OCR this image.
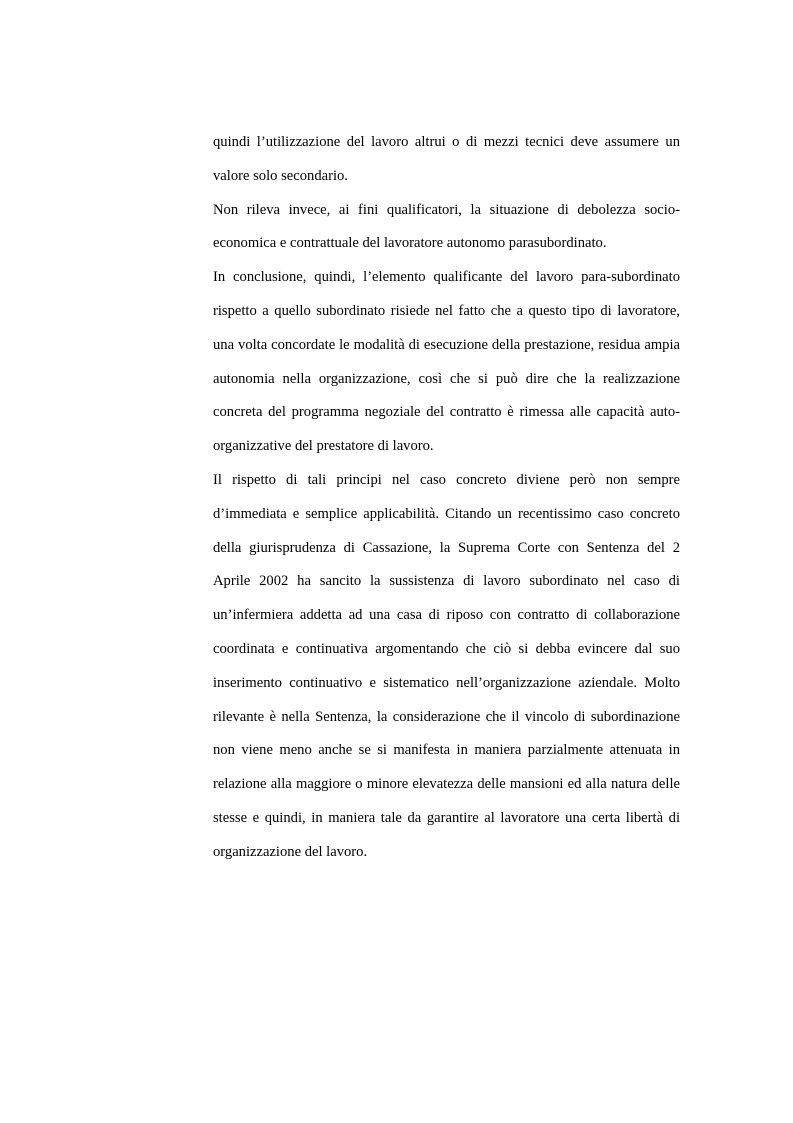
quindi l’utilizzazione del lavoro altrui o di mezzi tecnici deve assumere un
valore solo secondario.
Non rileva invece, ai fini qualificatori, la situazione di debolezza socio-
economica e contrattuale del lavoratore autonomo parasubordinato.
In conclusione, quindi, l’elemento qualificante del lavoro para-subordinato
rispetto a quello subordinato risiede nel fatto che a questo tipo di lavoratore,
una volta concordate le modalità di esecuzione della prestazione, residua ampia
autonomia nella organizzazione, così che si può dire che la realizzazione
concreta del programma negoziale del contratto è rimessa alle capacità auto-
organizzative del prestatore di lavoro.
Il rispetto di tali principi nel caso concreto diviene però non sempre
d’immediata e semplice applicabilità. Citando un recentissimo caso concreto
della giurisprudenza di Cassazione, la Suprema Corte con Sentenza del 2
Aprile 2002 ha sancito la sussistenza di lavoro subordinato nel caso di
un’infermiera addetta ad una casa di riposo con contratto di collaborazione
coordinata e continuativa argomentando che ciò si debba evincere dal suo
inserimento continuativo e sistematico nell’organizzazione aziendale. Molto
rilevante è nella Sentenza, la considerazione che il vincolo di subordinazione
non viene meno anche se si manifesta in maniera parzialmente attenuata in
relazione alla maggiore o minore elevatezza delle mansioni ed alla natura delle
stesse e quindi, in maniera tale da garantire al lavoratore una certa libertà di
organizzazione del lavoro.
